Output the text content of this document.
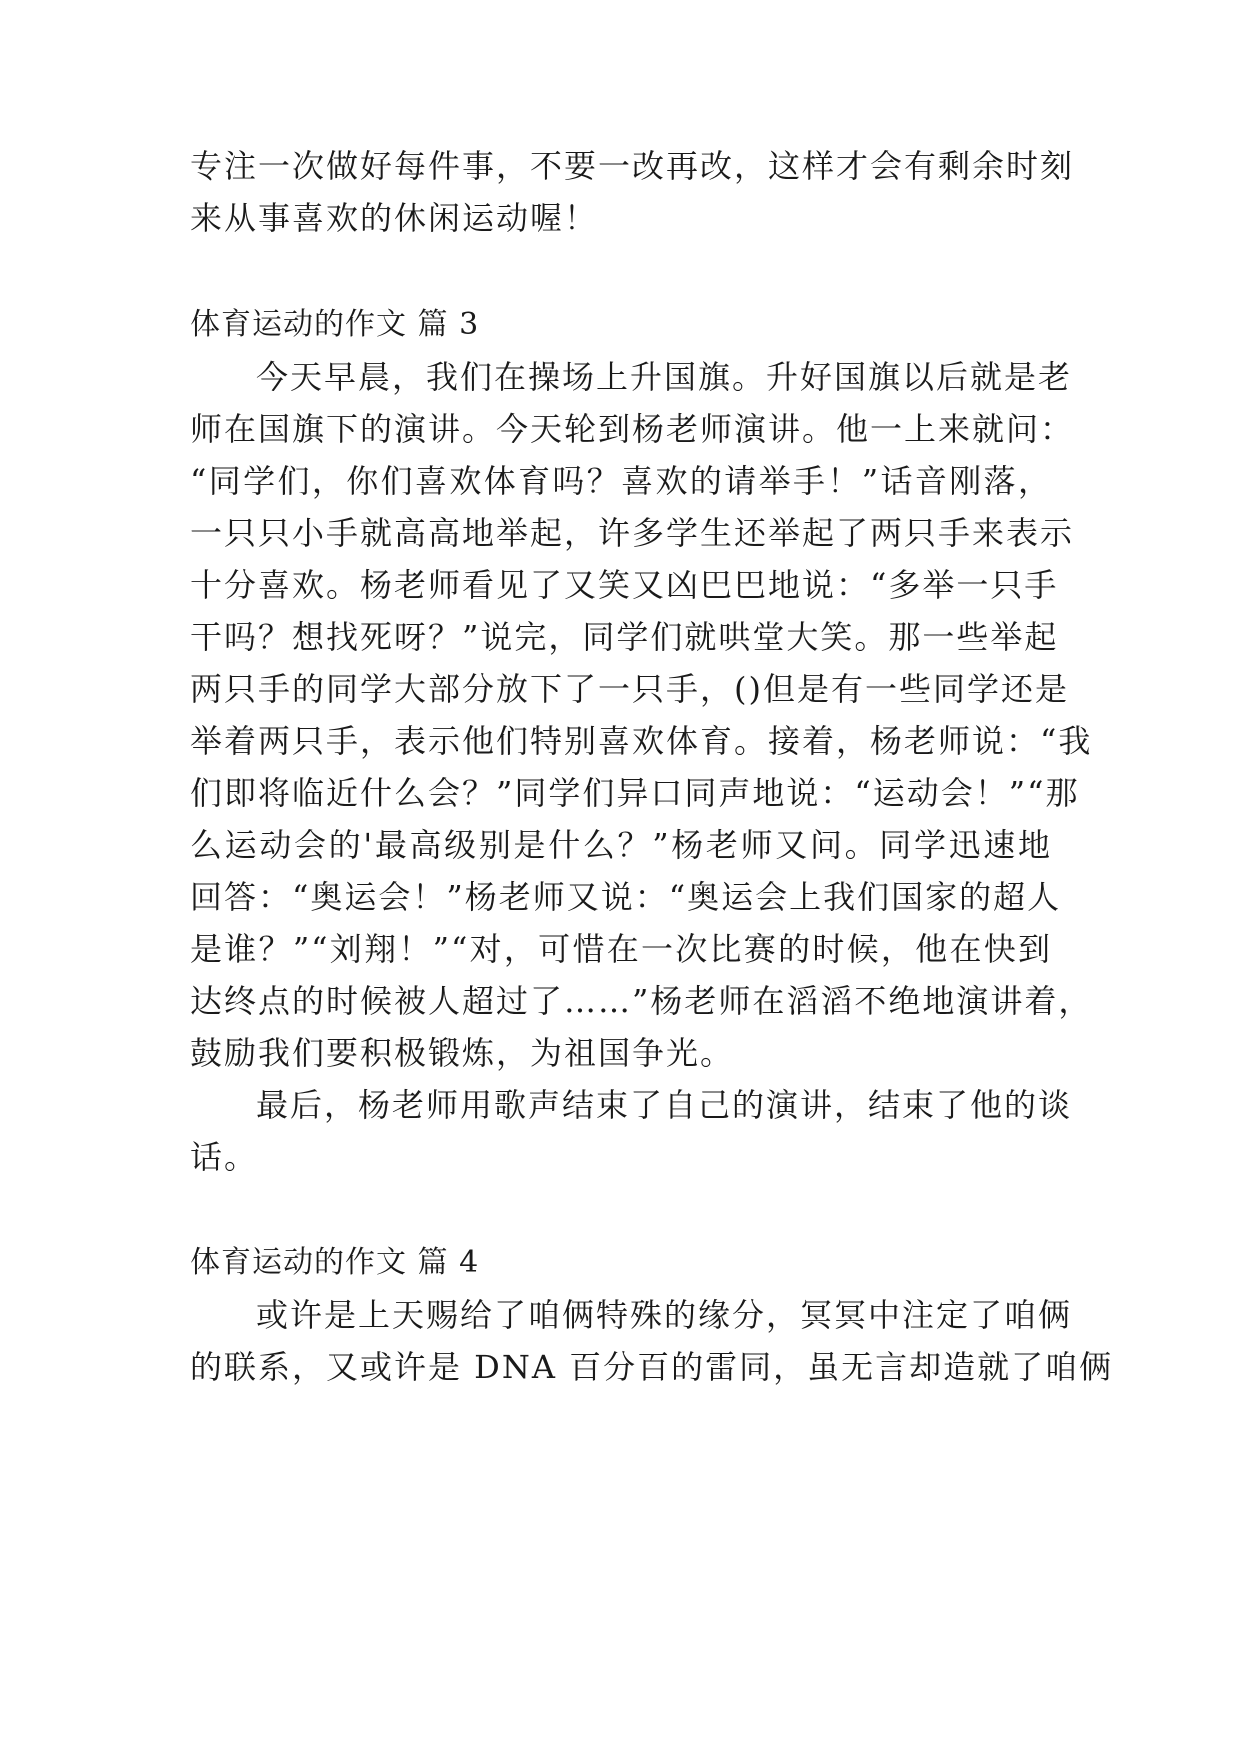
专注一次做好每件事，不要一改再改，这样才会有剩余时刻
来从事喜欢的休闲运动喔！
体育运动的作文 篇 3
今天早晨，我们在操场上升国旗。升好国旗以后就是老
师在国旗下的演讲。今天轮到杨老师演讲。他一上来就问：
“同学们，你们喜欢体育吗？喜欢的请举手！”话音刚落，
一只只小手就高高地举起，许多学生还举起了两只手来表示
十分喜欢。杨老师看见了又笑又凶巴巴地说：“多举一只手
干吗？想找死呀？”说完，同学们就哄堂大笑。那一些举起
两只手的同学大部分放下了一只手，()但是有一些同学还是
举着两只手，表示他们特别喜欢体育。接着，杨老师说：“我
们即将临近什么会？”同学们异口同声地说：“运动会！”“那
么运动会的'最高级别是什么？”杨老师又问。同学迅速地
回答：“奥运会！”杨老师又说：“奥运会上我们国家的超人
是谁？”“刘翔！”“对，可惜在一次比赛的时候，他在快到
达终点的时候被人超过了……”杨老师在滔滔不绝地演讲着，
鼓励我们要积极锻炼，为祖国争光。
最后，杨老师用歌声结束了自己的演讲，结束了他的谈
话。
体育运动的作文 篇 4
或许是上天赐给了咱俩特殊的缘分，冥冥中注定了咱俩
的联系，又或许是 DNA 百分百的雷同，虽无言却造就了咱俩
